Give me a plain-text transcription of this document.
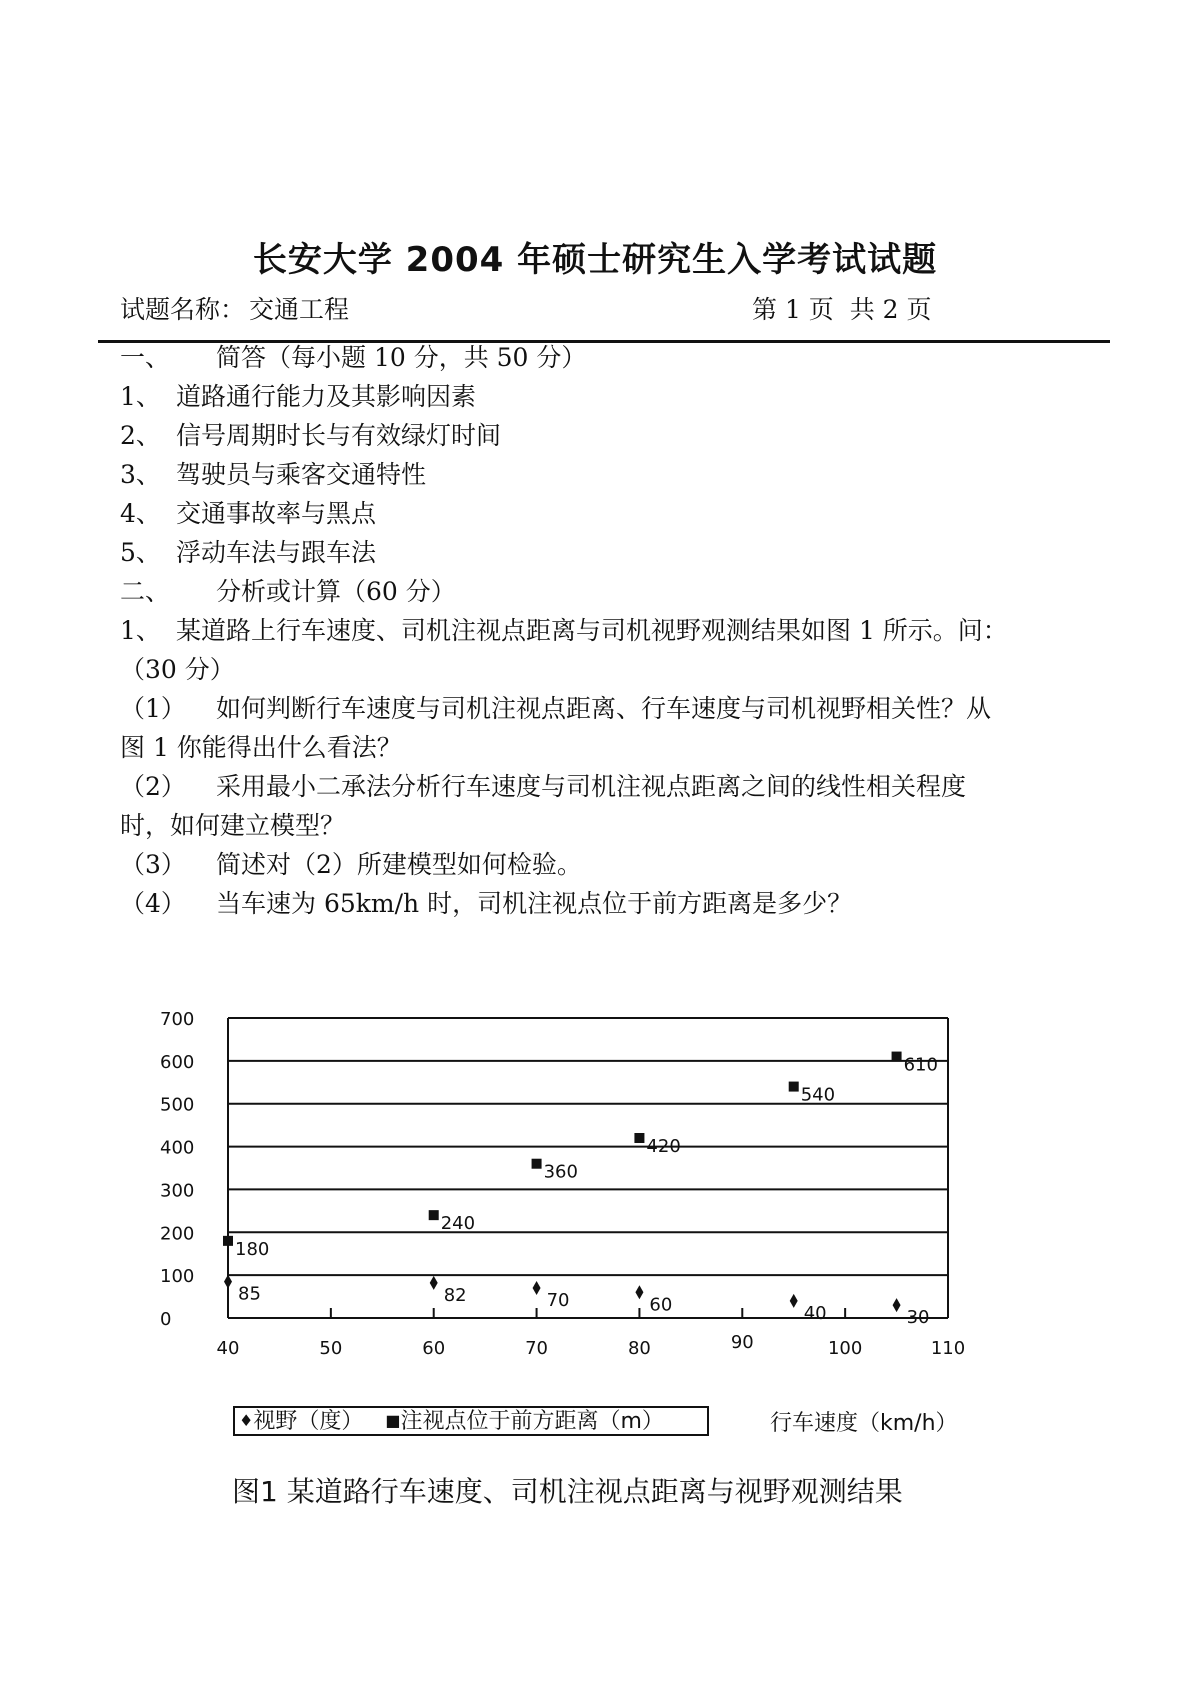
长安大学 2004 年硕士研究生入学考试试题
试题名称： 交通工程	第 1 页  共 2 页
一、 简答（每小题 10 分，共 50 分）
1、 道路通行能力及其影响因素
2、 信号周期时长与有效绿灯时间
3、 驾驶员与乘客交通特性
4、 交通事故率与黑点
5、 浮动车法与跟车法
二、 分析或计算（60 分）
1、 某道路上行车速度、司机注视点距离与司机视野观测结果如图 1 所示。问：
（30 分）
（1） 如何判断行车速度与司机注视点距离、行车速度与司机视野相关性？从
图 1 你能得出什么看法？
（2） 采用最小二承法分析行车速度与司机注视点距离之间的线性相关程度
时，如何建立模型？
（3） 简述对（2）所建模型如何检验。
（4） 当车速为 65km/h 时，司机注视点位于前方距离是多少？
0
100
200
300
400
500
600
700
40	50	60	70	80	90	100	110
85	82	70	60	40	30
180
240
360
420
540
610
♦视野（度） ■注视点位于前方距离（m）	行车速度（km/h）
图1 某道路行车速度、司机注视点距离与视野观测结果
